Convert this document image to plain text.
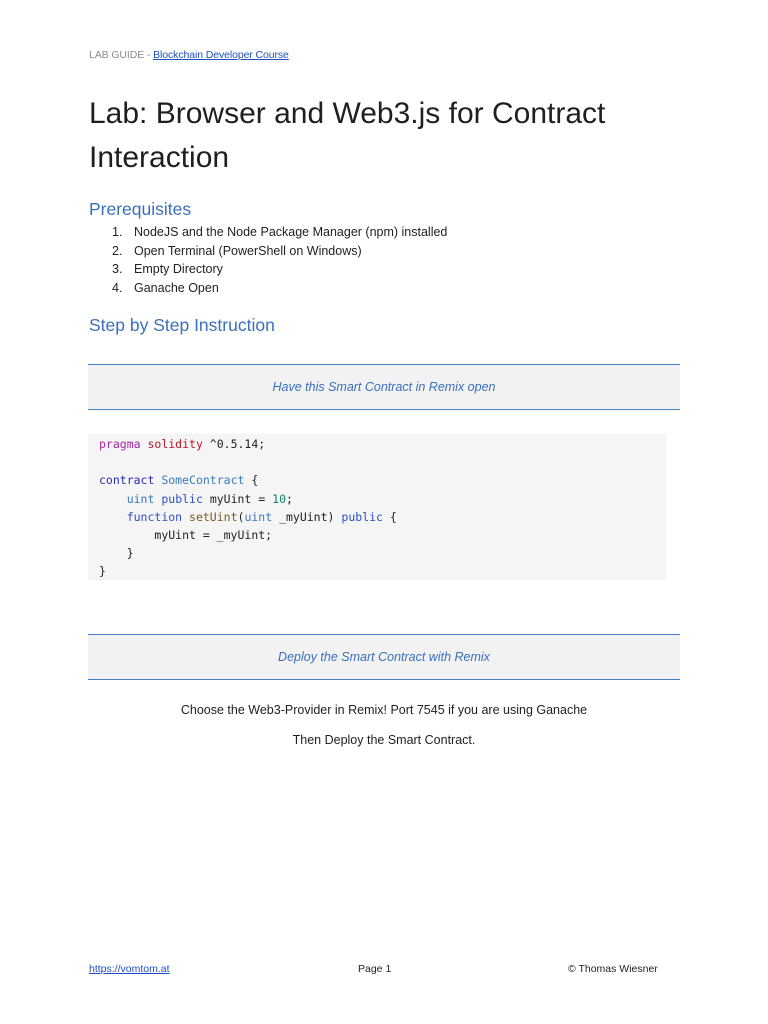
LAB GUIDE - Blockchain Developer Course
Lab: Browser and Web3.js for Contract Interaction
Prerequisites
1. NodeJS and the Node Package Manager (npm) installed
2. Open Terminal (PowerShell on Windows)
3. Empty Directory
4. Ganache Open
Step by Step Instruction
Have this Smart Contract in Remix open
pragma solidity ^0.5.14;
contract SomeContract {
uint public myUint = 10;
function setUint(uint _myUint) public {
myUint = _myUint;
}
}
Deploy the Smart Contract with Remix
Choose the Web3-Provider in Remix! Port 7545 if you are using Ganache
Then Deploy the Smart Contract.
https://vomtom.at	Page 1	© Thomas Wiesner
